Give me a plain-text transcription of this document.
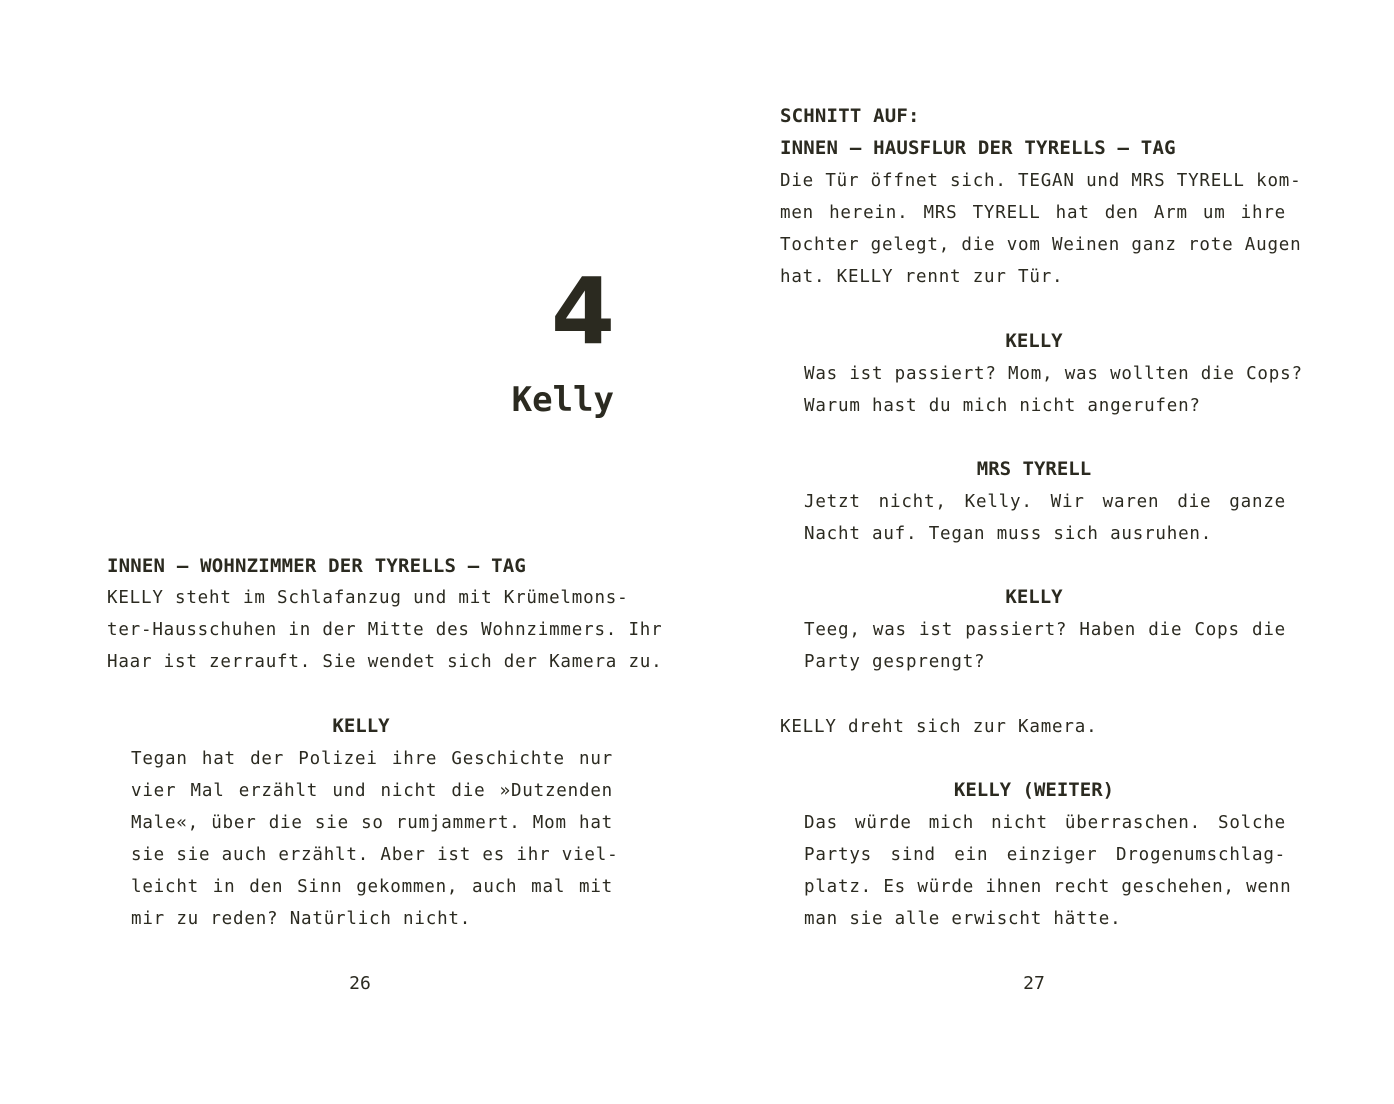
4
Kelly
INNEN – WOHNZIMMER DER TYRELLS – TAG
KELLY steht im Schlafanzug und mit Krümelmons-
ter-Hausschuhen in der Mitte des Wohnzimmers. Ihr
Haar ist zerrauft. Sie wendet sich der Kamera zu.
KELLY
Tegan hat der Polizei ihre Geschichte nur
vier Mal erzählt und nicht die »Dutzenden
Male«, über die sie so rumjammert. Mom hat
sie sie auch erzählt. Aber ist es ihr viel-
leicht in den Sinn gekommen, auch mal mit
mir zu reden? Natürlich nicht.
26
SCHNITT AUF:
INNEN – HAUSFLUR DER TYRELLS – TAG
Die Tür öffnet sich. TEGAN und MRS TYRELL kom-
men herein. MRS TYRELL hat den Arm um ihre
Tochter gelegt, die vom Weinen ganz rote Augen
hat. KELLY rennt zur Tür.
KELLY
Was ist passiert? Mom, was wollten die Cops?
Warum hast du mich nicht angerufen?
MRS TYRELL
Jetzt nicht, Kelly. Wir waren die ganze
Nacht auf. Tegan muss sich ausruhen.
KELLY
Teeg, was ist passiert? Haben die Cops die
Party gesprengt?
KELLY dreht sich zur Kamera.
KELLY (WEITER)
Das würde mich nicht überraschen. Solche
Partys sind ein einziger Drogenumschlag-
platz. Es würde ihnen recht geschehen, wenn
man sie alle erwischt hätte.
27
